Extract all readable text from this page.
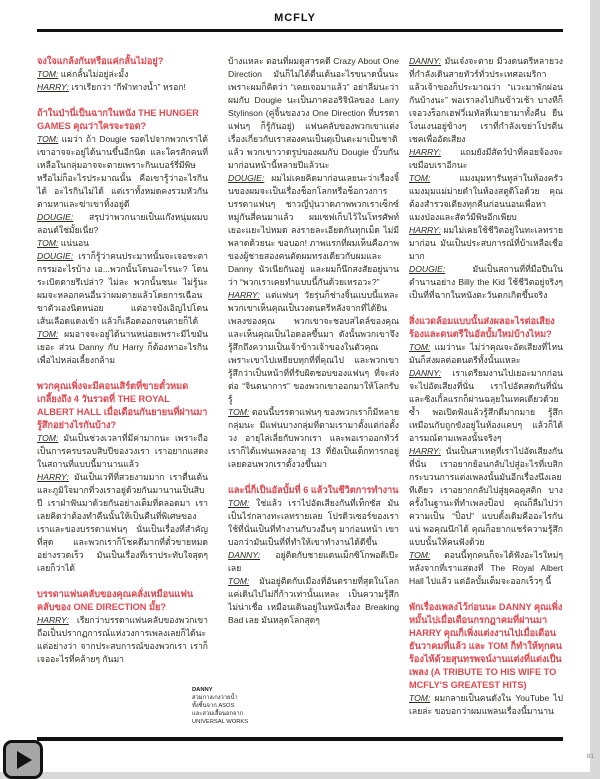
MCFLY
จงใจแกล้งกันหรือแค่กลั้นไม่อยู่?

TOM: แค่กลั้นไม่อยู่ล่ะมั้ง

HARRY: เราเรียกว่า “กีฬาทางน้ำ” หรอก!

ถ้าในป่านี่เป็นฉากในหนัง THE HUNGER GAMES คุณว่าใครจะรอด?

TOM: แมว่า ถ้า Dougie รอดไปจากพวกเราได้ เขาอาจจะอยู่ได้นานขึ้นอีกนิด และใครสักคนที่เหลือในกลุ่มอาจจะตายเพราะกินเบอร์รี่มีพิษ หรือไม่ก็อะไรประมาณนั้น คือเขารู้ว่าอะไรกินได้ อะไรกินไม่ได้ แต่เราทั้งหมดคงรวมหัวกันตามหาและฆ่าเขาทิ้งอยู่ดี

DOUGIE: สรุปว่าพวกนายเป็นแก๊งหนุ่มผมบลอนด์ใช่มั้ยเนี่ย?

TOM: แน่นอน

DOUGIE: เราก็รู้ว่าคนประมาทนั้นจะเจอชะตากรรมอะไรบ้าง เอ...พวกนั้นโดนอะไรนะ? โดนระเบิดตายรึเปล่า? ไม่ละ พวกนั้นชนะ ไม่รู้นะ ผมจะหลอกคนอื่นว่าผมตายแล้วโดยการเฉือนขาตัวเองนิดหน่อย แต่อาจบังเอิญไปโดนเส้นเลือดแดงเข้า แล้วก็เลือดออกจนตายก็ได้

TOM: ผมอาจจะอยู่ได้นานหน่อยเพราะมีไขมันเยอะ ส่วน Danny กับ Harry ก็ต้องหาอะไรกินเพื่อไปหล่อเลี้ยงกล้าม

พวกคุณเพิ่งจะมีคอนเสิร์ตที่ขายตั๋วหมดเกลี้ยงถึง 4 วันรวดที่ THE ROYAL ALBERT HALL เมื่อเดือนกันยายนที่ผ่านมา รู้สึกอย่างไรกันบ้าง?

TOM: มันเป็นช่วงเวลาที่มีค่ามากนะ เพราะถือเป็นการครบรอบสิบปีของวงเรา เราอยากแสดงในสถานที่แบบนี้มานานแล้ว

HARRY: มันเป็นเวทีที่สวยงามมาก เราตื่นเต้นและภูมิใจมากที่วงเราอยู่ด้วยกันมานานเป็นสิบปี เราฝ่าฟันมาด้วยกันอย่างเต็มที่ตลอดมา เราเลยคิดว่าต้องทำคืนนั้นให้เป็นคืนที่พิเศษของเราและของบรรดาแฟนๆ นั่นเป็นเรื่องที่สำคัญที่สุด และพวกเราก็โชคดีมากที่ตั๋วขายหมดอย่างรวดเร็ว มันเป็นเรื่องที่เราประทับใจสุดๆ เลยก็ว่าได้

บรรดาแฟนคลับของคุณคลั่งเหมือนแฟนคลับของ ONE DIRECTION มั้ย?

HARRY: เรียกว่าบรรดาแฟนคลับของพวกเขาถือเป็นปรากฏการณ์แห่งวงการเพลงเลยก็ได้นะ แต่อย่างว่า จากประสบการณ์ของพวกเรา เราก็เจออะไรที่คล้ายๆ กันมา

บ้างแหละ ตอนที่ผมดูสารคดี Crazy About One Direction มันก็ไม่ได้ตื่นเต้นอะไรขนาดนั้นนะ เพราะผมก็คิดว่า “เคยเจอมาแล้ว” อย่าลืมนะว่าผมกับ Dougie นะเป็นภาคออริจินัลของ Larry Stylinson (คู่จิ้นของวง One Direction ที่บรรดาแฟนๆ ก็รู้กันอยู่) แฟนคลับของพวกเขาแต่งเรื่องเกี่ยวกับเราสองคนเป็นตุเป็นตะมาเป็นชาติแล้ว พวกเขาวาดรูปของผมกับ Dougie บั๊วบกันมาก่อนหน้านี้หลายปีแล้วนะ

DOUGIE: ผมไม่เคยคิดมาก่อนเลยนะว่าเรื่องจิ้นของผมจะเป็นเรื่องช็อกโลกหรือช็อกวงการ บรรดาแฟนๆ ชาวญี่ปุ่นวาดภาพพวกเราเซ็กซ์หมู่กันสี่คนมาแล้ว ผมเซฟเก็บไว้ในโทรศัพท์เยอะแยะไปหมด ลงรายละเอียดกันทุกเม็ด ไม่มีพลาดด้วยนะ ขอบอก! ภาพแรกที่ผมเห็นคือภาพของผู้ชายสองคนตัดผมทรงเดียวกับผมและ Danny นัวเนียกันอยู่ และผมก็นึกสงสัยอยู่นานว่า “พวกเราเคยทำแบบนี้กันด้วยเหรอวะ?”

HARRY: แต่แฟนๆ วัยรุ่นก็ช่างจิ้นแบบนี้แหละ พวกเขาเห็นคุณเป็นวงดนตรีหลังจากที่ได้ยินเพลงของคุณ พวกเขาจะชอบสไตล์ของคุณ และเห็นคุณเป็นไอดอลขึ้นมา ดังนั้นพวกเขาจึงรู้สึกถึงความเป็นเจ้าข้าวเจ้าของในตัวคุณเพราะเขาไปเหยียบทุกที่ที่คุณไป และพวกเขารู้สึกว่าเป็นหน้าที่ที่รับผิดชอบของแฟนๆ ที่จะส่งต่อ “จินตนาการ” ของพวกเขาออกมาให้โลกรับรู้

TOM: ตอนนี้บรรดาแฟนๆ ของพวกเราก็มีหลายกลุ่มนะ มีแฟนบางกลุ่มที่ตามเรามาตั้งแต่ก่อตั้งวง อายุไล่เลี่ยกับพวกเรา และพอเราออกทัวร์ เราก็ได้แฟนเพลงอายุ 13 ที่ยังเป็นเด็กทารกอยู่เลยตอนพวกเราตั้งวงขึ้นมา

และนี่ก็เป็นอัลบั้มที่ 6 แล้วในชีวิตการทำงาน

TOM: ใช่แล้ว เราไปอัดเสียงกันที่เท็กซัส มันเป็นไร่กลางทะเลทรายเลย โปรดิวเซอร์ของเราใช้ที่นั่นเป็นที่ทำงานกับวงอื่นๆ มาก่อนหน้า เขาบอกว่ามันเป็นที่ที่ทำให้เขาทำงานได้ดีขึ้น

DANNY: อยู่ติดกับชายแดนเม็กซิโกพอดีเป๊ะเลย

TOM: มันอยู่ติดกับเมืองที่อันตรายที่สุดในโลก แค่เดินไปไม่กี่ก้าวเท่านั้นแหละ เป็นความรู้สึกไม่น่าเชื่อ เหมือนเดินอยู่ในหนังเรื่อง Breaking Bad เลย มันหลุดโลกสุดๆ

DANNY: มันเจ๋งจะตาย มีวงดนตรีหลายวงที่กำลังเดินสายทัวร์ทั่วประเทศอเมริกา แล้วเจ้าของก็ประมาณว่า “แวะมาพักผ่อนกันบ้างนะ” พอเราลงไปกินข้าวเช้า บางทีก็เจอวงร็อกเฮฟวี่เมทัลที่เมายามาทั้งคืน ยืนโงนเงนอยู่ข้างๆ เราที่กำลังเขย่าโปรตีนเชคเพื่ออัดเสียง

HARRY: แถมยังมีสัตว์ป่าที่คอยจ้องจะเขมือบเราอีกนะ

TOM: แมงมุมทารันทูล่าในห้องครัว แมงมุมแม่ม่ายดำในห้องสตูดิโอด้วย คุณต้องสำรวจเตียงทุกคืนก่อนนอนเพื่อหาแมงป่องและสัตว์มีพิษอีกเพียบ

HARRY: ผมไม่เคยใช้ชีวิตอยู่ในทะเลทรายมาก่อน มันเป็นประสบการณ์ที่บ้าเหลือเชื่อมาก

DOUGIE: มันเป็นสถานที่ที่มือปืนในตำนานอย่าง Billy the Kid ใช้ชีวิตอยู่จริงๆ เป็นที่ที่ฉากในหนังตะวันตกเกิดขึ้นจริง

สิ่งแวดล้อมแบบนั้นส่งผลอะไรต่อเสียงร้องและดนตรีในอัลบั้มใหม่บ้างไหม?

TOM: แมว่านะ ไม่ว่าคุณจะอัดเสียงที่ไหนมันก็ส่งผลต่อดนตรีทั้งนั้นแหละ

DANNY: เราเตรียมงานไปเยอะมากก่อนจะไปอัดเสียงที่นั่น เราไปอัดสดกันที่นั่น และซิงเกิ้ลแรกก็ผ่านฉลุยในเทคเดียวด้วยซ้ำ พอเปิดฟังแล้วรู้สึกดีมากมาย รู้สึกเหมือนกับถูกขังอยู่ในห้องแคบๆ แล้วก็ได้อารมณ์ตามเพลงนั้นจริงๆ

HARRY: นั่นเป็นสาเหตุที่เราไปอัดเสียงกันที่นั่น เราอยากย้อนกลับไปสู่อะไรที่เบสิก กระบวนการแต่งเพลงนั้นมันอีกเรื่องนึงเลยทีเดียว เราอยากกลับไปสู่ยุคอคูสติก บางครั้งในฐานะที่ทำเพลงป็อป คุณก็ลืมไปว่าความเป็น “ป็อป” แบบดั้งเดิมคืออะไรกันแน่ พอคุณนึกได้ คุณก็อยากแชร์ความรู้สึกแบบนั้นให้คนฟังด้วย

TOM: ตอนนี้ทุกคนก็จะได้ฟังอะไรใหม่ๆ หลังจากที่เราแสดงที่ The Royal Albert Hall ไปแล้ว แต่อัลบั้มเต็มจะออกเร็วๆ นี้

พักเรื่องเพลงไว้ก่อนนะ DANNY คุณเพิ่งหมั้นไปเมื่อเดือนกรกฎาคมที่ผ่านมา HARRY คุณก็เพิ่งแต่งงานไปเมื่อเดือนธันวาคมที่แล้ว และ TOM ก็ทำให้ทุกคนร้องไห้ด้วยสุนทรพจน์งานแต่งที่แต่งเป็นเพลง (A TRIBUTE TO HIS WIFE TO MCFLY'S GREATEST HITS)

TOM: ผมกลายเป็นคนดังใน YouTube ไปเลยล่ะ ขอบอกว่าผมแพลนเรื่องนี้มานาน

DANNY
สวมกางเกงว่ายน้ำ
ทั้งชิ้นจาก ASOS
และสวมเสื้อนอกจาก
UNIVERSAL WORKS
81
